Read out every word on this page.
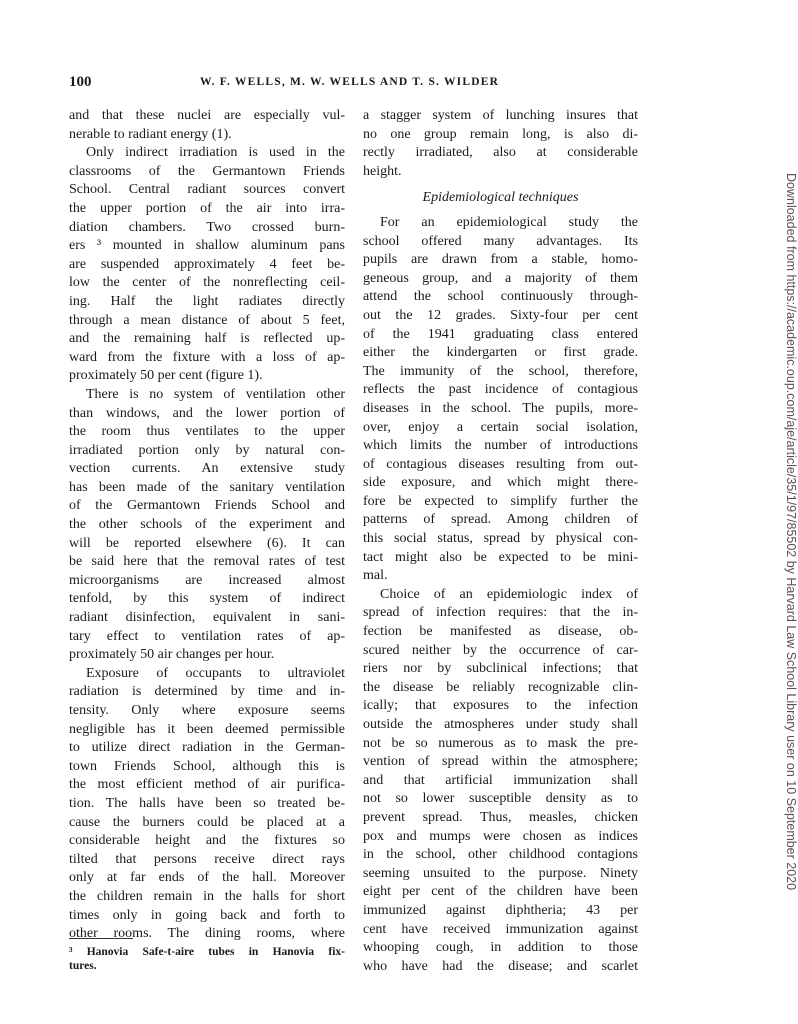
100	W. F. WELLS, M. W. WELLS AND T. S. WILDER
and that these nuclei are especially vul-
nerable to radiant energy (1).
Only indirect irradiation is used in the
classrooms of the Germantown Friends
School. Central radiant sources convert
the upper portion of the air into irra-
diation chambers. Two crossed burn-
ers ³ mounted in shallow aluminum pans
are suspended approximately 4 feet be-
low the center of the nonreflecting ceil-
ing. Half the light radiates directly
through a mean distance of about 5 feet,
and the remaining half is reflected up-
ward from the fixture with a loss of ap-
proximately 50 per cent (figure 1).
There is no system of ventilation other
than windows, and the lower portion of
the room thus ventilates to the upper
irradiated portion only by natural con-
vection currents. An extensive study
has been made of the sanitary ventilation
of the Germantown Friends School and
the other schools of the experiment and
will be reported elsewhere (6). It can
be said here that the removal rates of test
microorganisms are increased almost
tenfold, by this system of indirect
radiant disinfection, equivalent in sani-
tary effect to ventilation rates of ap-
proximately 50 air changes per hour.
Exposure of occupants to ultraviolet
radiation is determined by time and in-
tensity. Only where exposure seems
negligible has it been deemed permissible
to utilize direct radiation in the German-
town Friends School, although this is
the most efficient method of air purifica-
tion. The halls have been so treated be-
cause the burners could be placed at a
considerable height and the fixtures so
tilted that persons receive direct rays
only at far ends of the hall. Moreover
the children remain in the halls for short
times only in going back and forth to
other rooms. The dining rooms, where
³ Hanovia Safe-t-aire tubes in Hanovia fix-
tures.
a stagger system of lunching insures that
no one group remain long, is also di-
rectly irradiated, also at considerable
height.
Epidemiological techniques
For an epidemiological study the
school offered many advantages. Its
pupils are drawn from a stable, homo-
geneous group, and a majority of them
attend the school continuously through-
out the 12 grades. Sixty-four per cent
of the 1941 graduating class entered
either the kindergarten or first grade.
The immunity of the school, therefore,
reflects the past incidence of contagious
diseases in the school. The pupils, more-
over, enjoy a certain social isolation,
which limits the number of introductions
of contagious diseases resulting from out-
side exposure, and which might there-
fore be expected to simplify further the
patterns of spread. Among children of
this social status, spread by physical con-
tact might also be expected to be mini-
mal.
Choice of an epidemiologic index of
spread of infection requires: that the in-
fection be manifested as disease, ob-
scured neither by the occurrence of car-
riers nor by subclinical infections; that
the disease be reliably recognizable clin-
ically; that exposures to the infection
outside the atmospheres under study shall
not be so numerous as to mask the pre-
vention of spread within the atmosphere;
and that artificial immunization shall
not so lower susceptible density as to
prevent spread. Thus, measles, chicken
pox and mumps were chosen as indices
in the school, other childhood contagions
seeming unsuited to the purpose. Ninety
eight per cent of the children have been
immunized against diphtheria; 43 per
cent have received immunization against
whooping cough, in addition to those
who have had the disease; and scarlet
Downloaded from https://academic.oup.com/aje/article/35/1/97/85502 by Harvard Law School Library user on 10 September 2020
